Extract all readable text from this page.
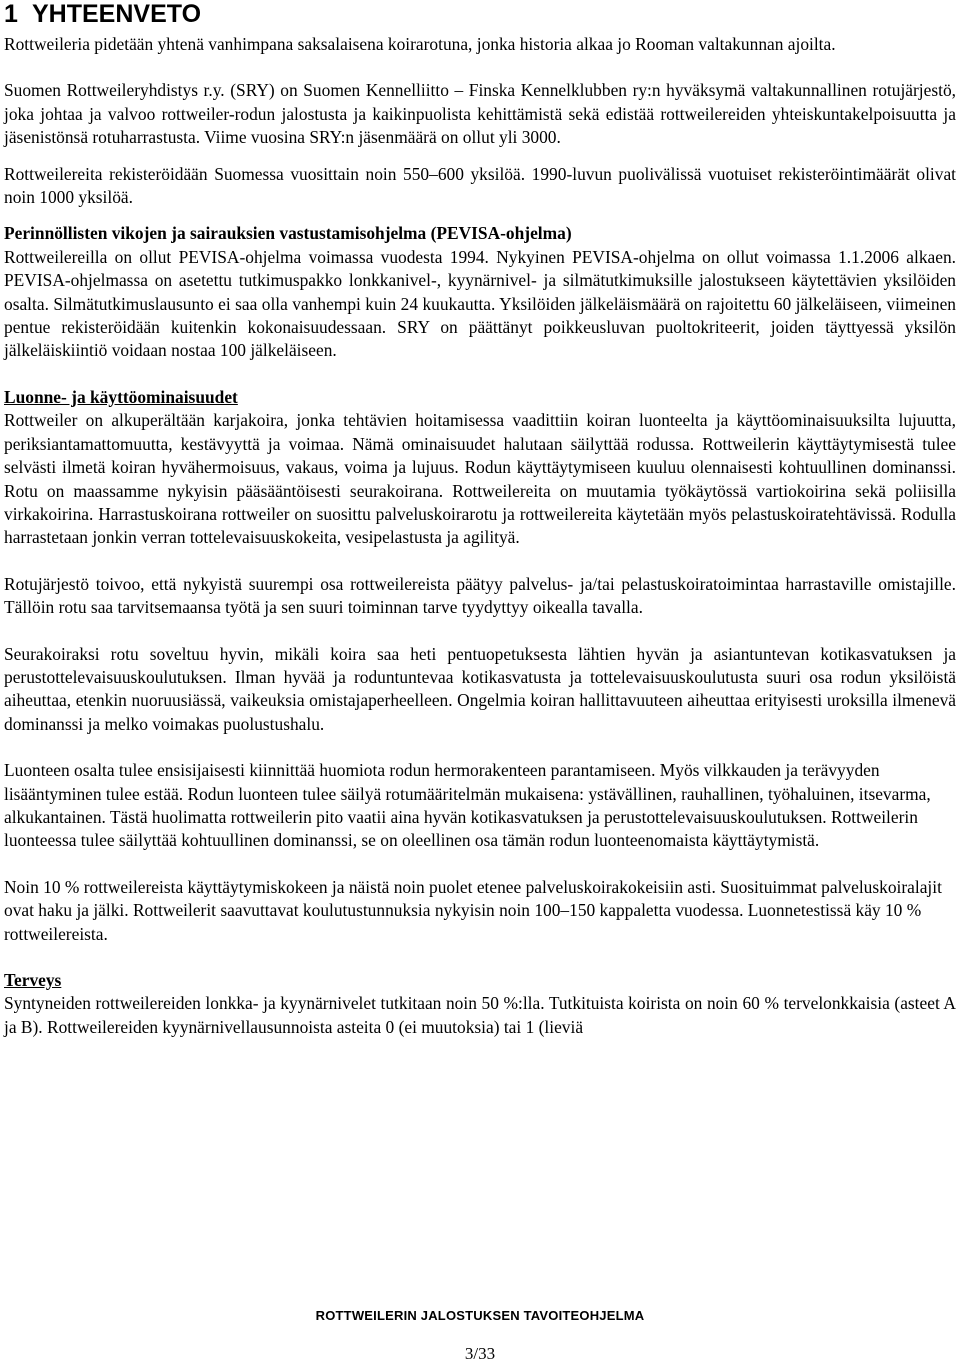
1 YHTEENVETO

Rottweileria pidetään yhtenä vanhimpana saksalaisena koirarotuna, jonka historia alkaa jo Rooman valtakunnan ajoilta.

Suomen Rottweileryhdistys r.y. (SRY) on Suomen Kennelliitto – Finska Kennelklubben ry:n hyväksymä valtakunnallinen rotujärjestö, joka johtaa ja valvoo rottweiler-rodun jalostusta ja kaikinpuolista kehittämistä sekä edistää rottweilereiden yhteiskuntakelpoisuutta ja jäsenistönsä rotuharrastusta. Viime vuosina SRY:n jäsenmäärä on ollut yli 3000.

Rottweilereita rekisteröidään Suomessa vuosittain noin 550–600 yksilöä. 1990-luvun puolivälissä vuotuiset rekisteröintimäärät olivat noin 1000 yksilöä.

Perinnöllisten vikojen ja sairauksien vastustamisohjelma (PEVISA-ohjelma)
Rottweilereilla on ollut PEVISA-ohjelma voimassa vuodesta 1994. Nykyinen PEVISA-ohjelma on ollut voimassa 1.1.2006 alkaen. PEVISA-ohjelmassa on asetettu tutkimuspakko lonkkanivel-, kyynärnivel- ja silmätutkimuksille jalostukseen käytettävien yksilöiden osalta. Silmätutkimuslausunto ei saa olla vanhempi kuin 24 kuukautta. Yksilöiden jälkeläismäärä on rajoitettu 60 jälkeläiseen, viimeinen pentue rekisteröidään kuitenkin kokonaisuudessaan. SRY on päättänyt poikkeusluvan puoltokriteerit, joiden täyttyessä yksilön jälkeläiskiintiö voidaan nostaa 100 jälkeläiseen.

Luonne- ja käyttöominaisuudet
Rottweiler on alkuperältään karjakoira, jonka tehtävien hoitamisessa vaadittiin koiran luonteelta ja käyttöominaisuuksilta lujuutta, periksiantamattomuutta, kestävyyttä ja voimaa. Nämä ominaisuudet halutaan säilyttää rodussa. Rottweilerin käyttäytymisestä tulee selvästi ilmetä koiran hyvähermoisuus, vakaus, voima ja lujuus. Rodun käyttäytymiseen kuuluu olennaisesti kohtuullinen dominanssi. Rotu on maassamme nykyisin pääsääntöisesti seurakoirana. Rottweilereita on muutamia työkäytössä vartiokoirina sekä poliisilla virkakoirina. Harrastuskoirana rottweiler on suosittu palveluskoirarotu ja rottweilereita käytetään myös pelastuskoiratehtävissä. Rodulla harrastetaan jonkin verran tottelevaisuuskokeita, vesipelastusta ja agilityä.

Rotujärjestö toivoo, että nykyistä suurempi osa rottweilereista päätyy palvelus- ja/tai pelastuskoiratoimintaa harrastaville omistajille. Tällöin rotu saa tarvitsemaansa työtä ja sen suuri toiminnan tarve tyydyttyy oikealla tavalla.

Seurakoiraksi rotu soveltuu hyvin, mikäli koira saa heti pentuopetuksesta lähtien hyvän ja asiantuntevan kotikasvatuksen ja perustottelevaisuuskoulutuksen. Ilman hyvää ja roduntuntevaa kotikasvatusta ja tottelevaisuuskoulutusta suuri osa rodun yksilöistä aiheuttaa, etenkin nuoruusiässä, vaikeuksia omistajaperheelleen. Ongelmia koiran hallittavuuteen aiheuttaa erityisesti uroksilla ilmenevä dominanssi ja melko voimakas puolustushalu.

Luonteen osalta tulee ensisijaisesti kiinnittää huomiota rodun hermorakenteen parantamiseen. Myös vilkkauden ja terävyyden lisääntyminen tulee estää. Rodun luonteen tulee säilyä rotumääritelmän mukaisena: ystävällinen, rauhallinen, työhaluinen, itsevarma, alkukantainen. Tästä huolimatta rottweilerin pito vaatii aina hyvän kotikasvatuksen ja perustottelevaisuuskoulutuksen. Rottweilerin luonteessa tulee säilyttää kohtuullinen dominanssi, se on oleellinen osa tämän rodun luonteenomaista käyttäytymistä.

Noin 10 % rottweilereista käyttäytymiskokeen ja näistä noin puolet etenee palveluskoirakokeisiin asti. Suosituimmat palveluskoiralajit ovat haku ja jälki. Rottweilerit saavuttavat koulutustunnuksia nykyisin noin 100–150 kappaletta vuodessa. Luonnetestissä käy 10 % rottweilereista.

Terveys
Syntyneiden rottweilereiden lonkka- ja kyynärnivelet tutkitaan noin 50 %:lla. Tutkituista koirista on noin 60 % tervelonkkaisia (asteet A ja B). Rottweilereiden kyynärnivellausunnoista asteita 0 (ei muutoksia) tai 1 (lieviä

ROTTWEILERIN JALOSTUKSEN TAVOITEOHJELMA
3/33
